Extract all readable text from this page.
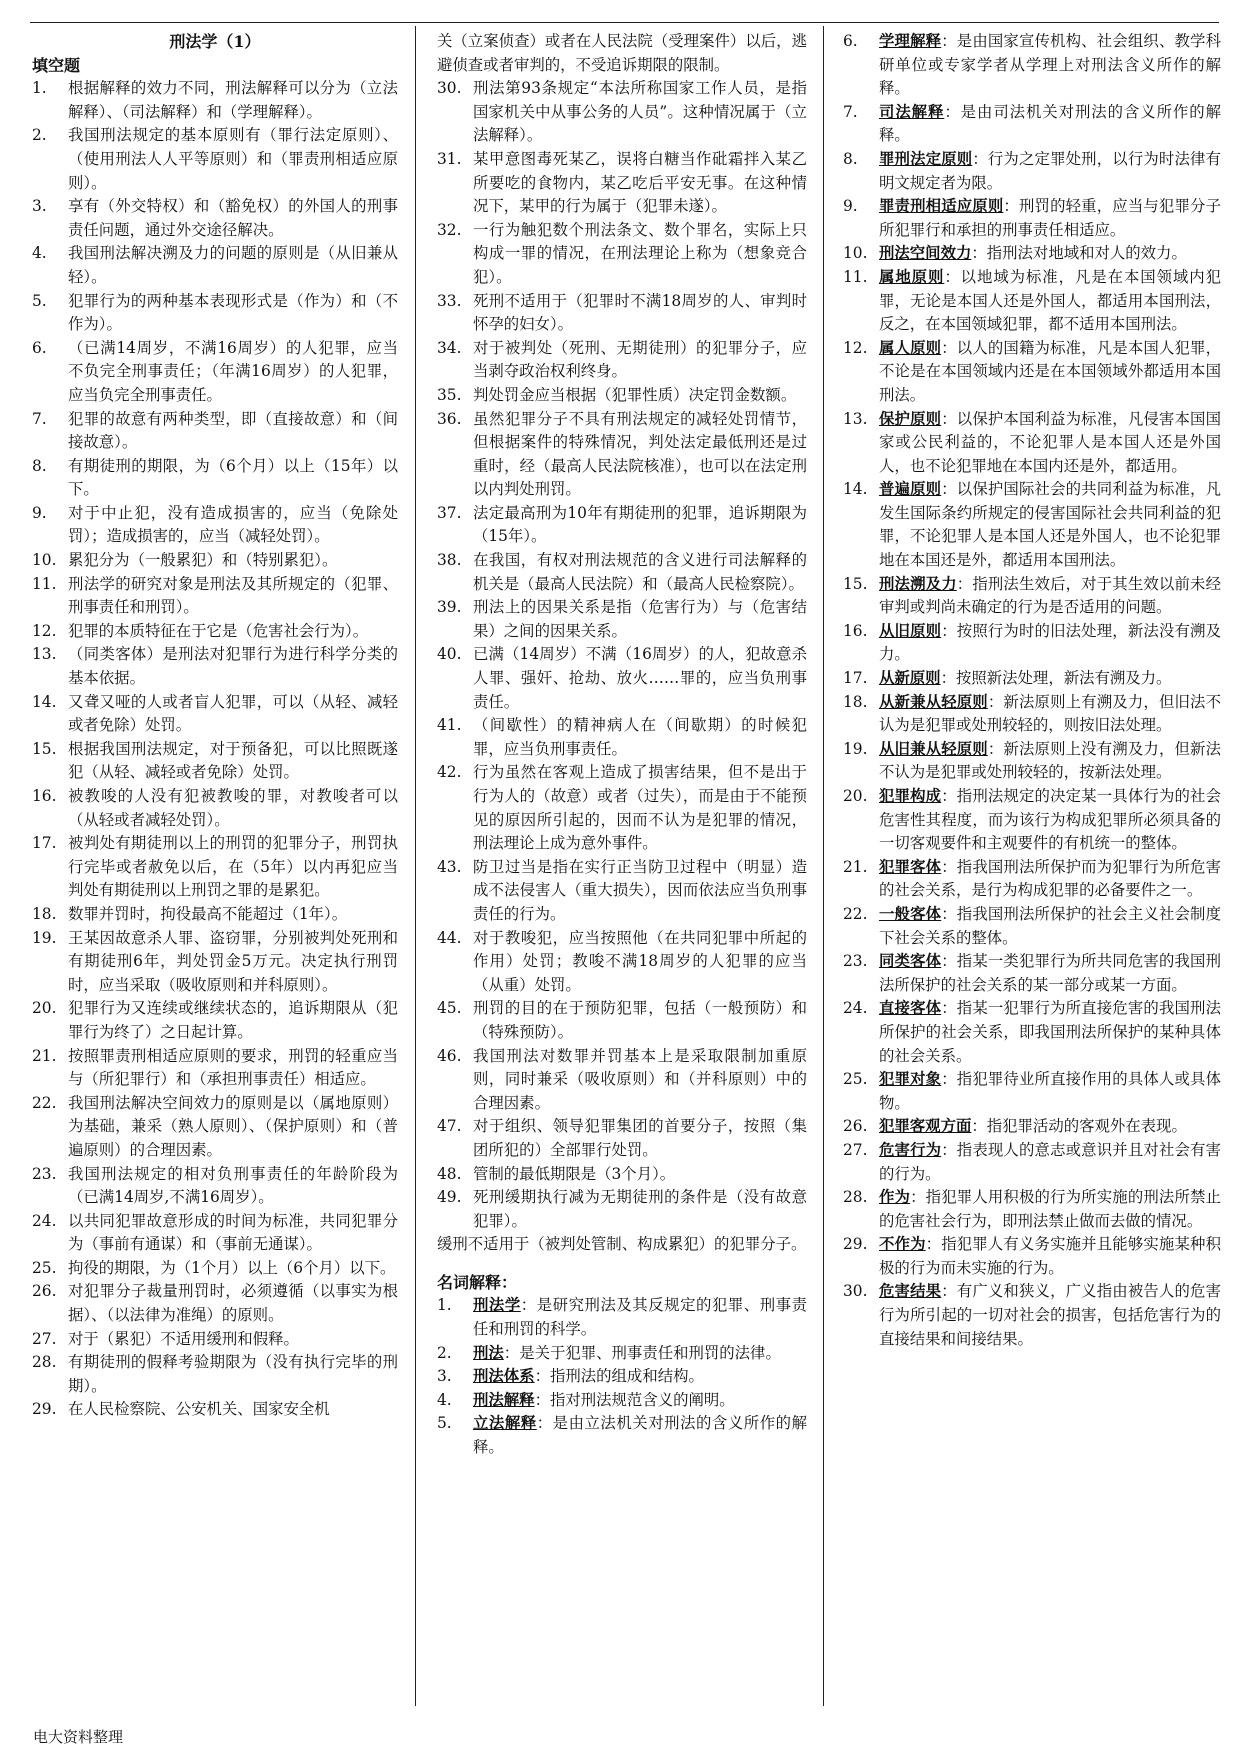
刑法学（1）
填空题
1.	根据解释的效力不同，刑法解释可以分为（立法解释）、（司法解释）和（学理解释）。
2.	我国刑法规定的基本原则有（罪行法定原则）、（使用刑法人人平等原则）和（罪责刑相适应原则）。
3.	享有（外交特权）和（豁免权）的外国人的刑事责任问题，通过外交途径解决。
4.	我国刑法解决溯及力的问题的原则是（从旧兼从轻）。
5.	犯罪行为的两种基本表现形式是（作为）和（不作为）。
6.	（已满14周岁，不满16周岁）的人犯罪，应当不负完全刑事责任；（年满16周岁）的人犯罪，应当负完全刑事责任。
7.	犯罪的故意有两种类型，即（直接故意）和（间接故意）。
8.	有期徒刑的期限，为（6个月）以上（15年）以下。
9.	对于中止犯，没有造成损害的，应当（免除处罚）；造成损害的，应当（减轻处罚）。
10. 累犯分为（一般累犯）和（特别累犯）。
11. 刑法学的研究对象是刑法及其所规定的（犯罪、刑事责任和刑罚）。
12. 犯罪的本质特征在于它是（危害社会行为）。
13. （同类客体）是刑法对犯罪行为进行科学分类的基本依据。
14. 又聋又哑的人或者盲人犯罪，可以（从轻、减轻或者免除）处罚。
15. 根据我国刑法规定，对于预备犯，可以比照既遂犯（从轻、减轻或者免除）处罚。
16. 被教唆的人没有犯被教唆的罪，对教唆者可以（从轻或者减轻处罚）。
17. 被判处有期徒刑以上的刑罚的犯罪分子，刑罚执行完毕或者赦免以后，在（5年）以内再犯应当判处有期徒刑以上刑罚之罪的是累犯。
18. 数罪并罚时，拘役最高不能超过（1年）。
19. 王某因故意杀人罪、盗窃罪，分别被判处死刑和有期徒刑6年，判处罚金5万元。决定执行刑罚时，应当采取（吸收原则和并科原则）。
20. 犯罪行为又连续或继续状态的，追诉期限从（犯罪行为终了）之日起计算。
21. 按照罪责刑相适应原则的要求，刑罚的轻重应当与（所犯罪行）和（承担刑事责任）相适应。
22. 我国刑法解决空间效力的原则是以（属地原则）为基础，兼采（熟人原则）、（保护原则）和（普遍原则）的合理因素。
23. 我国刑法规定的相对负刑事责任的年龄阶段为（已满14周岁,不满16周岁）。
24. 以共同犯罪故意形成的时间为标准，共同犯罪分为（事前有通谋）和（事前无通谋）。
25. 拘役的期限，为（1个月）以上（6个月）以下。
26. 对犯罪分子裁量刑罚时，必须遵循（以事实为根据）、（以法律为准绳）的原则。
27. 对于（累犯）不适用缓刑和假释。
28. 有期徒刑的假释考验期限为（没有执行完毕的刑期）。
29. 在人民检察院、公安机关、国家安全机
关（立案侦查）或者在人民法院（受理案件）以后，逃避侦查或者审判的，不受追诉期限的限制。
30. 刑法第93条规定“本法所称国家工作人员，是指国家机关中从事公务的人员”。这种情况属于（立法解释）。
31. 某甲意图毒死某乙，误将白糖当作砒霜拌入某乙所要吃的食物内，某乙吃后平安无事。在这种情况下，某甲的行为属于（犯罪未遂）。
32. 一行为触犯数个刑法条文、数个罪名，实际上只构成一罪的情况，在刑法理论上称为（想象竞合犯）。
33. 死刑不适用于（犯罪时不满18周岁的人、审判时怀孕的妇女）。
34. 对于被判处（死刑、无期徒刑）的犯罪分子，应当剥夺政治权利终身。
35. 判处罚金应当根据（犯罪性质）决定罚金数额。
36. 虽然犯罪分子不具有刑法规定的减轻处罚情节，但根据案件的特殊情况，判处法定最低刑还是过重时，经（最高人民法院核准），也可以在法定刑以内判处刑罚。
37. 法定最高刑为10年有期徒刑的犯罪，追诉期限为（15年）。
38. 在我国，有权对刑法规范的含义进行司法解释的机关是（最高人民法院）和（最高人民检察院）。
39. 刑法上的因果关系是指（危害行为）与（危害结果）之间的因果关系。
40. 已满（14周岁）不满（16周岁）的人，犯故意杀人罪、强奸、抢劫、放火……罪的，应当负刑事责任。
41. （间歇性）的精神病人在（间歇期）的时候犯罪，应当负刑事责任。
42. 行为虽然在客观上造成了损害结果，但不是出于行为人的（故意）或者（过失），而是由于不能预见的原因所引起的，因而不认为是犯罪的情况，刑法理论上成为意外事件。
43. 防卫过当是指在实行正当防卫过程中（明显）造成不法侵害人（重大损失），因而依法应当负刑事责任的行为。
44. 对于教唆犯，应当按照他（在共同犯罪中所起的作用）处罚；教唆不满18周岁的人犯罪的应当（从重）处罚。
45. 刑罚的目的在于预防犯罪，包括（一般预防）和（特殊预防）。
46. 我国刑法对数罪并罚基本上是采取限制加重原则，同时兼采（吸收原则）和（并科原则）中的合理因素。
47. 对于组织、领导犯罪集团的首要分子，按照（集团所犯的）全部罪行处罚。
48. 管制的最低期限是（3个月）。
49. 死刑缓期执行减为无期徒刑的条件是（没有故意犯罪）。
缓刑不适用于（被判处管制、构成累犯）的犯罪分子。
名词解释：
1.	刑法学：是研究刑法及其反规定的犯罪、刑事责任和刑罚的科学。
2.	刑法：是关于犯罪、刑事责任和刑罚的法律。
3.	刑法体系：指刑法的组成和结构。
4.	刑法解释：指对刑法规范含义的阐明。
5.	立法解释：是由立法机关对刑法的含义所作的解释。
6.	学理解释：是由国家宣传机构、社会组织、教学科研单位或专家学者从学理上对刑法含义所作的解释。
7.	司法解释：是由司法机关对刑法的含义所作的解释。
8.	罪刑法定原则：行为之定罪处刑，以行为时法律有明文规定者为限。
9.	罪责刑相适应原则：刑罚的轻重，应当与犯罪分子所犯罪行和承担的刑事责任相适应。
10. 刑法空间效力：指刑法对地域和对人的效力。
11. 属地原则：以地域为标准，凡是在本国领域内犯罪，无论是本国人还是外国人，都适用本国刑法，反之，在本国领域犯罪，都不适用本国刑法。
12. 属人原则：以人的国籍为标准，凡是本国人犯罪，不论是在本国领域内还是在本国领域外都适用本国刑法。
13. 保护原则：以保护本国利益为标准，凡侵害本国国家或公民利益的，不论犯罪人是本国人还是外国人，也不论犯罪地在本国内还是外，都适用。
14. 普遍原则：以保护国际社会的共同利益为标准，凡发生国际条约所规定的侵害国际社会共同利益的犯罪，不论犯罪人是本国人还是外国人，也不论犯罪地在本国还是外，都适用本国刑法。
15. 刑法溯及力：指刑法生效后，对于其生效以前未经审判或判尚未确定的行为是否适用的问题。
16. 从旧原则：按照行为时的旧法处理，新法没有溯及力。
17. 从新原则：按照新法处理，新法有溯及力。
18. 从新兼从轻原则：新法原则上有溯及力，但旧法不认为是犯罪或处刑较轻的，则按旧法处理。
19. 从旧兼从轻原则：新法原则上没有溯及力，但新法不认为是犯罪或处刑较轻的，按新法处理。
20. 犯罪构成：指刑法规定的决定某一具体行为的社会危害性其程度，而为该行为构成犯罪所必须具备的一切客观要件和主观要件的有机统一的整体。
21. 犯罪客体：指我国刑法所保护而为犯罪行为所危害的社会关系，是行为构成犯罪的必备要件之一。
22. 一般客体：指我国刑法所保护的社会主义社会制度下社会关系的整体。
23. 同类客体：指某一类犯罪行为所共同危害的我国刑法所保护的社会关系的某一部分或某一方面。
24. 直接客体：指某一犯罪行为所直接危害的我国刑法所保护的社会关系，即我国刑法所保护的某种具体的社会关系。
25. 犯罪对象：指犯罪待业所直接作用的具体人或具体物。
26. 犯罪客观方面：指犯罪活动的客观外在表现。
27. 危害行为：指表现人的意志或意识并且对社会有害的行为。
28. 作为：指犯罪人用积极的行为所实施的刑法所禁止的危害社会行为，即刑法禁止做而去做的情况。
29. 不作为：指犯罪人有义务实施并且能够实施某种积极的行为而未实施的行为。
30. 危害结果：有广义和狭义，广义指由被告人的危害行为所引起的一切对社会的损害，包括危害行为的直接结果和间接结果。
电大资料整理
